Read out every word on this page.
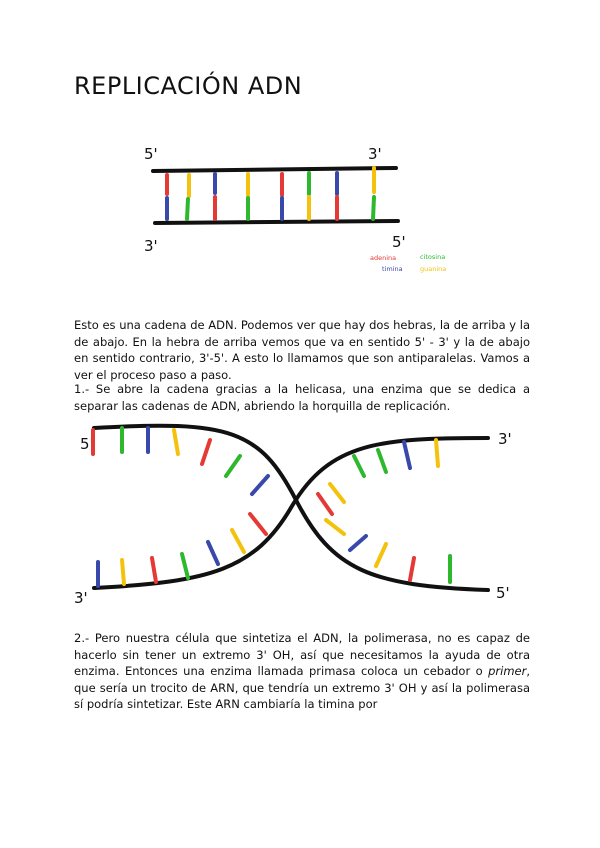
REPLICACIÓN ADN
5'	3'
3'	5'
adenina	citosina
timina	guanina

Esto es una cadena de ADN. Podemos ver que hay dos hebras, la de arriba y la de abajo. En la hebra de arriba vemos que va en sentido 5' - 3' y la de abajo en sentido contrario, 3'-5'. A esto lo llamamos que son antiparalelas. Vamos a ver el proceso paso a paso.

1.- Se abre la cadena gracias a la helicasa, una enzima que se dedica a separar las cadenas de ADN, abriendo la horquilla de replicación.

5'	3'
3'	5'

2.- Pero nuestra célula que sintetiza el ADN, la polimerasa, no es capaz de hacerlo sin tener un extremo 3' OH, así que necesitamos la ayuda de otra enzima. Entonces una enzima llamada primasa coloca un cebador o primer, que sería un trocito de ARN, que tendría un extremo 3' OH y así la polimerasa sí podría sintetizar. Este ARN cambiaría la timina por
